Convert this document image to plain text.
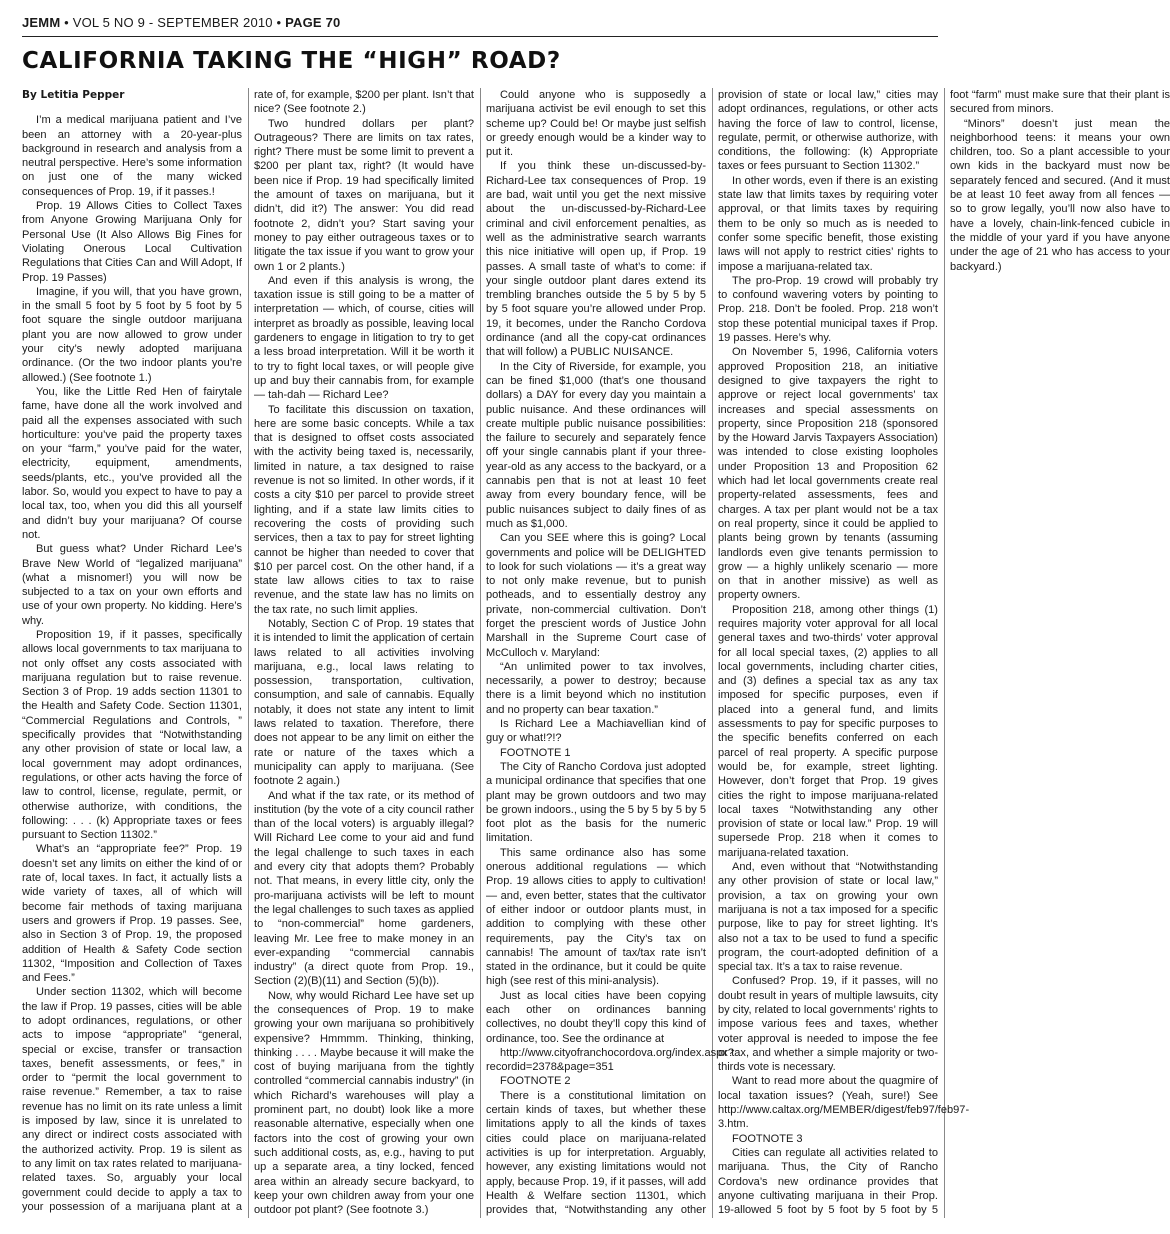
JEMM • VOL 5 NO 9 - SEPTEMBER 2010 • PAGE 70
CALIFORNIA TAKING THE “HIGH” ROAD?
By Letitia Pepper

I’m a medical marijuana patient and I’ve been an attorney with a 20-year-plus background in research and analysis from a neutral perspective. Here’s some information on just one of the many wicked consequences of Prop. 19, if it passes.!

Prop. 19 Allows Cities to Collect Taxes from Anyone Growing Marijuana Only for Personal Use (It Also Allows Big Fines for Violating Onerous Local Cultivation Regulations that Cities Can and Will Adopt, If Prop. 19 Passes)

Imagine, if you will, that you have grown, in the small 5 foot by 5 foot by 5 foot by 5 foot square the single outdoor marijuana plant you are now allowed to grow under your city’s newly adopted marijuana ordinance. (Or the two indoor plants you’re allowed.) (See footnote 1.)

You, like the Little Red Hen of fairytale fame, have done all the work involved and paid all the expenses associated with such horticulture: you’ve paid the property taxes on your “farm,” you’ve paid for the water, electricity, equipment, amendments, seeds/plants, etc., you’ve provided all the labor. So, would you expect to have to pay a local tax, too, when you did this all yourself and didn’t buy your marijuana? Of course not.

But guess what? Under Richard Lee’s Brave New World of “legalized marijuana” (what a misnomer!) you will now be subjected to a tax on your own efforts and use of your own property. No kidding. Here’s why.

Proposition 19, if it passes, specifically allows local governments to tax marijuana to not only offset any costs associated with marijuana regulation but to raise revenue. Section 3 of Prop. 19 adds section 11301 to the Health and Safety Code. Section 11301, “Commercial Regulations and Controls, ” specifically provides that “Notwithstanding any other provision of state or local law, a local government may adopt ordinances, regulations, or other acts having the force of law to control, license, regulate, permit, or otherwise authorize, with conditions, the following: . . . (k) Appropriate taxes or fees pursuant to Section 11302.”

What’s an “appropriate fee?” Prop. 19 doesn’t set any limits on either the kind of or rate of, local taxes. In fact, it actually lists a wide variety of taxes, all of which will become fair methods of taxing marijuana users and growers if Prop. 19 passes. See, also in Section 3 of Prop. 19, the proposed addition of Health & Safety Code section 11302, “Imposition and Collection of Taxes and Fees.”

Under section 11302, which will become the law if Prop. 19 passes, cities will be able to adopt ordinances, regulations, or other acts to impose “appropriate” “general, special or excise, transfer or transaction taxes, benefit assessments, or fees,” in order to “permit the local government to raise revenue.” Remember, a tax to raise revenue has no limit on its rate unless a limit is imposed by law, since it is unrelated to any direct or indirect costs associated with the authorized activity. Prop. 19 is silent as to any limit on tax rates related to marijuana-related taxes. So, arguably your local government could decide to apply a tax to your possession of a marijuana plant at a rate of, for example, $200 per plant. Isn’t that nice? (See footnote 2.)

Two hundred dollars per plant? Outrageous? There are limits on tax rates, right? There must be some limit to prevent a $200 per plant tax, right? (It would have been nice if Prop. 19 had specifically limited the amount of taxes on marijuana, but it didn’t, did it?) The answer: You did read footnote 2, didn’t you? Start saving your money to pay either outrageous taxes or to litigate the tax issue if you want to grow your own 1 or 2 plants.)

And even if this analysis is wrong, the taxation issue is still going to be a matter of interpretation — which, of course, cities will interpret as broadly as possible, leaving local gardeners to engage in litigation to try to get a less broad interpretation. Will it be worth it to try to fight local taxes, or will people give up and buy their cannabis from, for example — tah-dah — Richard Lee?

To facilitate this discussion on taxation, here are some basic concepts. While a tax that is designed to offset costs associated with the activity being taxed is, necessarily, limited in nature, a tax designed to raise revenue is not so limited. In other words, if it costs a city $10 per parcel to provide street lighting, and if a state law limits cities to recovering the costs of providing such services, then a tax to pay for street lighting cannot be higher than needed to cover that $10 per parcel cost. On the other hand, if a state law allows cities to tax to raise revenue, and the state law has no limits on the tax rate, no such limit applies.

Notably, Section C of Prop. 19 states that it is intended to limit the application of certain laws related to all activities involving marijuana, e.g., local laws relating to possession, transportation, cultivation, consumption, and sale of cannabis. Equally notably, it does not state any intent to limit laws related to taxation. Therefore, there does not appear to be any limit on either the rate or nature of the taxes which a municipality can apply to marijuana. (See footnote 2 again.)

And what if the tax rate, or its method of institution (by the vote of a city council rather than of the local voters) is arguably illegal? Will Richard Lee come to your aid and fund the legal challenge to such taxes in each and every city that adopts them? Probably not. That means, in every little city, only the pro-marijuana activists will be left to mount the legal challenges to such taxes as applied to “non-commercial” home gardeners, leaving Mr. Lee free to make money in an ever-expanding “commercial cannabis industry” (a direct quote from Prop. 19., Section (2)(B)(11) and Section (5)(b)).

Now, why would Richard Lee have set up the consequences of Prop. 19 to make growing your own marijuana so prohibitively expensive? Hmmmm. Thinking, thinking, thinking . . . . Maybe because it will make the cost of buying marijuana from the tightly controlled “commercial cannabis industry” (in which Richard’s warehouses will play a prominent part, no doubt) look like a more reasonable alternative, especially when one factors into the cost of growing your own such additional costs, as, e.g., having to put up a separate area, a tiny locked, fenced area within an already secure backyard, to keep your own children away from your one outdoor pot plant? (See footnote 3.)

Could anyone who is supposedly a marijuana activist be evil enough to set this scheme up? Could be! Or maybe just selfish or greedy enough would be a kinder way to put it.

If you think these un-discussed-by-Richard-Lee tax consequences of Prop. 19 are bad, wait until you get the next missive about the un-discussed-by-Richard-Lee criminal and civil enforcement penalties, as well as the administrative search warrants this nice initiative will open up, if Prop. 19 passes. A small taste of what’s to come: if your single outdoor plant dares extend its trembling branches outside the 5 by 5 by 5 by 5 foot square you’re allowed under Prop. 19, it becomes, under the Rancho Cordova ordinance (and all the copy-cat ordinances that will follow) a PUBLIC NUISANCE.

In the City of Riverside, for example, you can be fined $1,000 (that’s one thousand dollars) a DAY for every day you maintain a public nuisance. And these ordinances will create multiple public nuisance possibilities: the failure to securely and separately fence off your single cannabis plant if your three-year-old as any access to the backyard, or a cannabis pen that is not at least 10 feet away from every boundary fence, will be public nuisances subject to daily fines of as much as $1,000.

Can you SEE where this is going? Local governments and police will be DELIGHTED to look for such violations — it’s a great way to not only make revenue, but to punish potheads, and to essentially destroy any private, non-commercial cultivation. Don’t forget the prescient words of Justice John Marshall in the Supreme Court case of McCulloch v. Maryland:

“An unlimited power to tax involves, necessarily, a power to destroy; because there is a limit beyond which no institution and no property can bear taxation.”

Is Richard Lee a Machiavellian kind of guy or what!?!?

FOOTNOTE 1

The City of Rancho Cordova just adopted a municipal ordinance that specifies that one plant may be grown outdoors and two may be grown indoors., using the 5 by 5 by 5 by 5 foot plot as the basis for the numeric limitation.

This same ordinance also has some onerous additional regulations — which Prop. 19 allows cities to apply to cultivation! — and, even better, states that the cultivator of either indoor or outdoor plants must, in addition to complying with these other requirements, pay the City’s tax on cannabis! The amount of tax/tax rate isn’t stated in the ordinance, but it could be quite high (see rest of this mini-analysis).

Just as local cities have been copying each other on ordinances banning collectives, no doubt they’ll copy this kind of ordinance, too. See the ordinance at

http://www.cityofranchocordova.org/index.aspx?recordid=2378&page=351

FOOTNOTE 2

There is a constitutional limitation on certain kinds of taxes, but whether these limitations apply to all the kinds of taxes cities could place on marijuana-related activities is up for interpretation. Arguably, however, any existing limitations would not apply, because Prop. 19, if it passes, will add Health & Welfare section 11301, which provides that, “Notwithstanding any other provision of state or local law,” cities may adopt ordinances, regulations, or other acts having the force of law to control, license, regulate, permit, or otherwise authorize, with conditions, the following: (k) Appropriate taxes or fees pursuant to Section 11302.”

In other words, even if there is an existing state law that limits taxes by requiring voter approval, or that limits taxes by requiring them to be only so much as is needed to confer some specific benefit, those existing laws will not apply to restrict cities’ rights to impose a marijuana-related tax.

The pro-Prop. 19 crowd will probably try to confound wavering voters by pointing to Prop. 218. Don’t be fooled. Prop. 218 won’t stop these potential municipal taxes if Prop. 19 passes. Here’s why.

On November 5, 1996, California voters approved Proposition 218, an initiative designed to give taxpayers the right to approve or reject local governments’ tax increases and special assessments on property, since Proposition 218 (sponsored by the Howard Jarvis Taxpayers Association) was intended to close existing loopholes under Proposition 13 and Proposition 62 which had let local governments create real property-related assessments, fees and charges. A tax per plant would not be a tax on real property, since it could be applied to plants being grown by tenants (assuming landlords even give tenants permission to grow — a highly unlikely scenario — more on that in another missive) as well as property owners.

Proposition 218, among other things (1) requires majority voter approval for all local general taxes and two-thirds’ voter approval for all local special taxes, (2) applies to all local governments, including charter cities, and (3) defines a special tax as any tax imposed for specific purposes, even if placed into a general fund, and limits assessments to pay for specific purposes to the specific benefits conferred on each parcel of real property. A specific purpose would be, for example, street lighting. However, don’t forget that Prop. 19 gives cities the right to impose marijuana-related local taxes “Notwithstanding any other provision of state or local law.” Prop. 19 will supersede Prop. 218 when it comes to marijuana-related taxation.

And, even without that “Notwithstanding any other provision of state or local law,” provision, a tax on growing your own marijuana is not a tax imposed for a specific purpose, like to pay for street lighting. It’s also not a tax to be used to fund a specific program, the court-adopted definition of a special tax. It’s a tax to raise revenue.

Confused? Prop. 19, if it passes, will no doubt result in years of multiple lawsuits, city by city, related to local governments’ rights to impose various fees and taxes, whether voter approval is needed to impose the fee or tax, and whether a simple majority or two-thirds vote is necessary.

Want to read more about the quagmire of local taxation issues? (Yeah, sure!) See http://www.caltax.org/MEMBER/digest/feb97/feb97-3.htm.

FOOTNOTE 3

Cities can regulate all activities related to marijuana. Thus, the City of Rancho Cordova’s new ordinance provides that anyone cultivating marijuana in their Prop. 19-allowed 5 foot by 5 foot by 5 foot by 5 foot “farm” must make sure that their plant is secured from minors.

“Minors” doesn’t just mean the neighborhood teens: it means your own children, too. So a plant accessible to your own kids in the backyard must now be separately fenced and secured. (And it must be at least 10 feet away from all fences — so to grow legally, you’ll now also have to have a lovely, chain-link-fenced cubicle in the middle of your yard if you have anyone under the age of 21 who has access to your backyard.)
